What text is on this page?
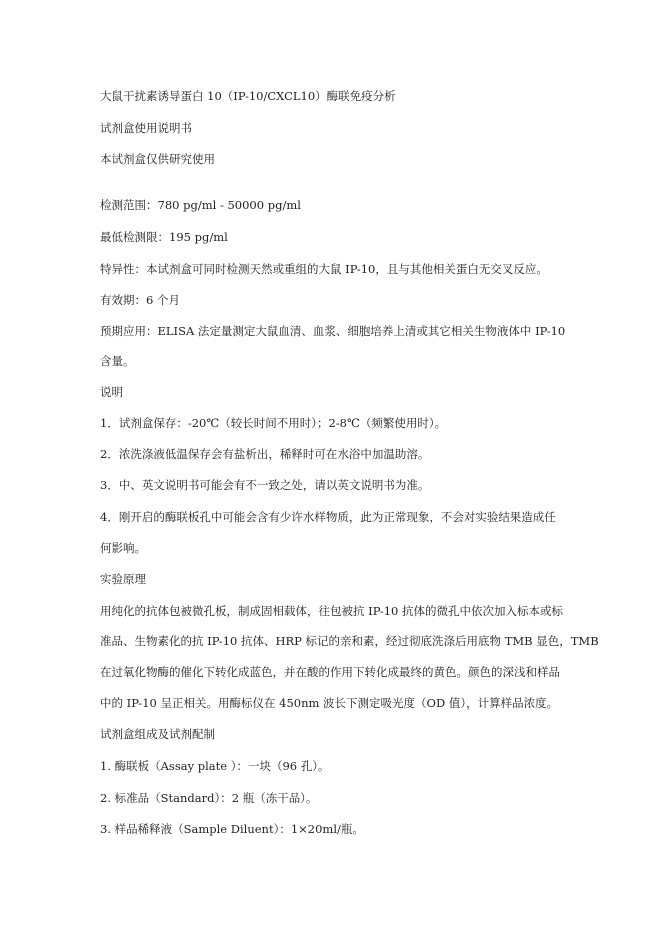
大鼠干扰素诱导蛋白 10（IP-10/CXCL10）酶联免疫分析
试剂盒使用说明书
本试剂盒仅供研究使用
检测范围：780 pg/ml - 50000 pg/ml
最低检测限：195 pg/ml
特异性：本试剂盒可同时检测天然或重组的大鼠 IP-10，且与其他相关蛋白无交叉反应。
有效期：6 个月
预期应用：ELISA 法定量测定大鼠血清、血浆、细胞培养上清或其它相关生物液体中 IP-10
含量。
说明
1．试剂盒保存：-20℃（较长时间不用时）；2-8℃（频繁使用时）。
2．浓洗涤液低温保存会有盐析出，稀释时可在水浴中加温助溶。
3．中、英文说明书可能会有不一致之处，请以英文说明书为准。
4．刚开启的酶联板孔中可能会含有少许水样物质，此为正常现象，不会对实验结果造成任
何影响。
实验原理
用纯化的抗体包被微孔板，制成固相载体，往包被抗 IP-10 抗体的微孔中依次加入标本或标
准品、生物素化的抗 IP-10 抗体、HRP 标记的亲和素，经过彻底洗涤后用底物 TMB 显色，TMB
在过氧化物酶的催化下转化成蓝色，并在酸的作用下转化成最终的黄色。颜色的深浅和样品
中的 IP-10 呈正相关。用酶标仪在 450nm 波长下测定吸光度（OD 值），计算样品浓度。
试剂盒组成及试剂配制
1. 酶联板（Assay plate ）：一块（96 孔）。
2. 标准品（Standard）：2 瓶（冻干品）。
3. 样品稀释液（Sample Diluent）：1×20ml/瓶。
